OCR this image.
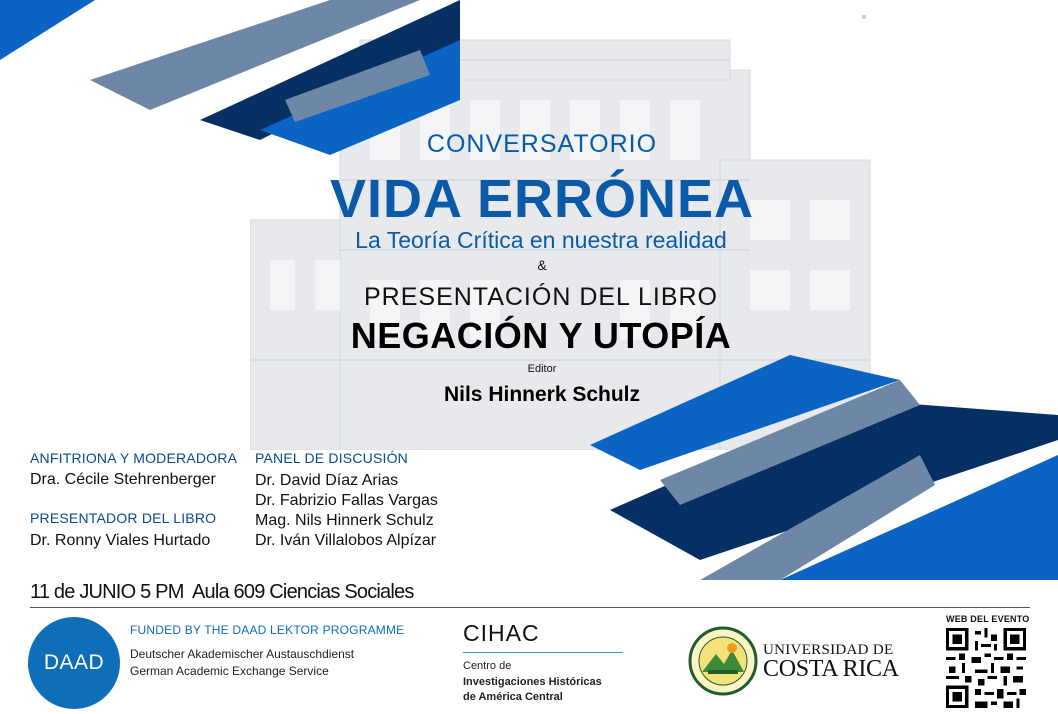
CONVERSATORIO
VIDA ERRÓNEA
La Teoría Crítica en nuestra realidad
&
PRESENTACIÓN DEL LIBRO
NEGACIÓN Y UTOPÍA
Editor
Nils Hinnerk Schulz
ANFITRIONA Y MODERADORA
Dra. Cécile Stehrenberger
PRESENTADOR DEL LIBRO
Dr. Ronny Viales Hurtado
PANEL DE DISCUSIÓN
Dr. David Díaz Arias
Dr. Fabrizio Fallas Vargas
Mag. Nils Hinnerk Schulz
Dr. Iván Villalobos Alpízar
11 de JUNIO 5 PM  Aula 609 Ciencias Sociales
DAAD
FUNDED BY THE DAAD LEKTOR PROGRAMME
Deutscher Akademischer Austauschdienst
German Academic Exchange Service
CIHAC
Centro de
Investigaciones Históricas
de América Central
UNIVERSIDAD DE
COSTA RICA
WEB DEL EVENTO
